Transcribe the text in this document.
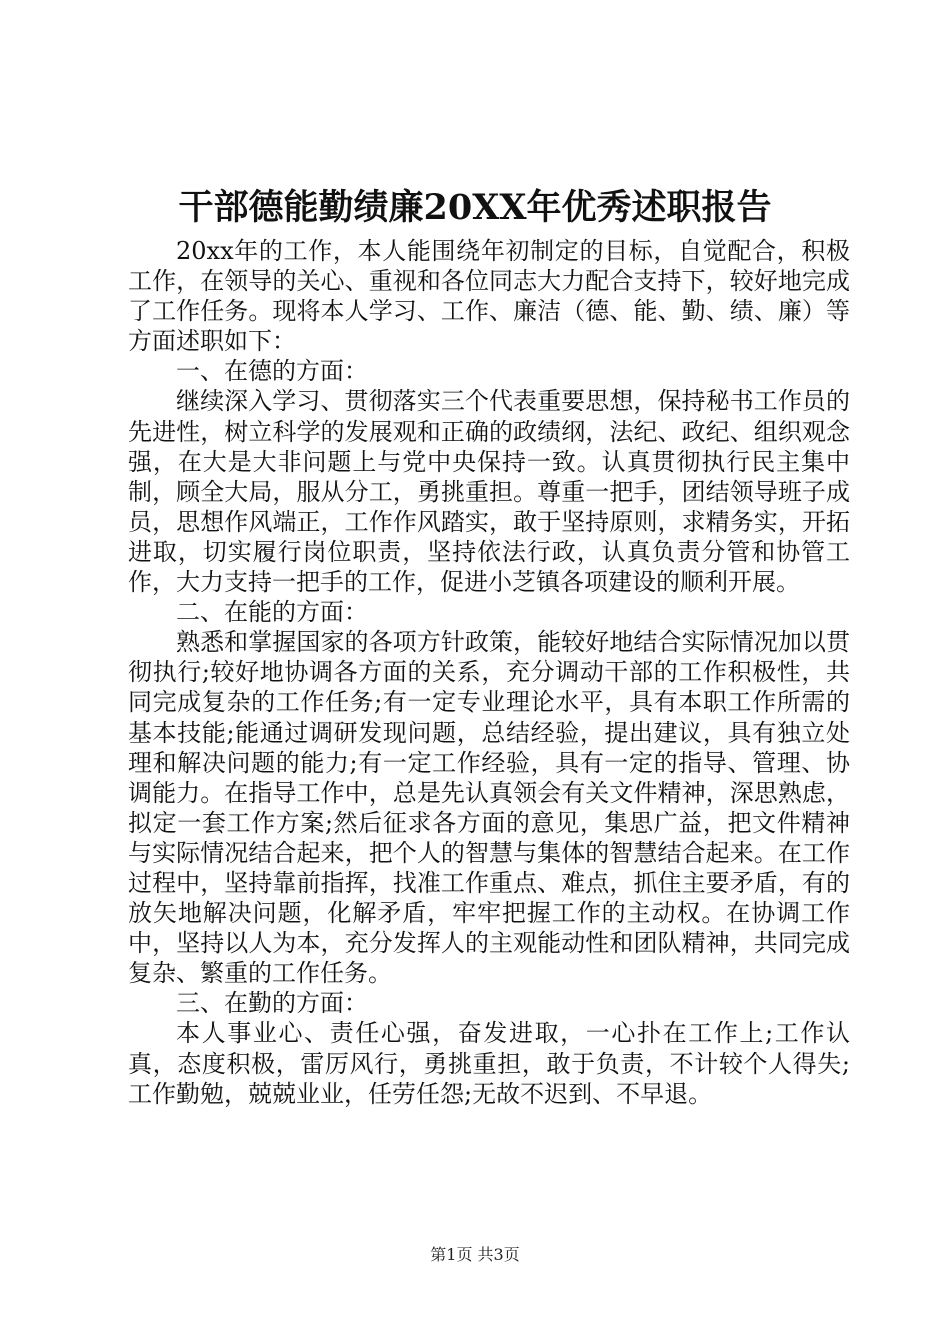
干部德能勤绩廉20XX年优秀述职报告

20xx年的工作，本人能围绕年初制定的目标，自觉配合，积极工作，在领导的关心、重视和各位同志大力配合支持下，较好地完成了工作任务。现将本人学习、工作、廉洁（德、能、勤、绩、廉）等方面述职如下：

一、在德的方面：

继续深入学习、贯彻落实三个代表重要思想，保持秘书工作员的先进性，树立科学的发展观和正确的政绩纲，法纪、政纪、组织观念强，在大是大非问题上与党中央保持一致。认真贯彻执行民主集中制，顾全大局，服从分工，勇挑重担。尊重一把手，团结领导班子成员，思想作风端正，工作作风踏实，敢于坚持原则，求精务实，开拓进取，切实履行岗位职责，坚持依法行政，认真负责分管和协管工作，大力支持一把手的工作，促进小芝镇各项建设的顺利开展。

二、在能的方面：

熟悉和掌握国家的各项方针政策，能较好地结合实际情况加以贯彻执行;较好地协调各方面的关系，充分调动干部的工作积极性，共同完成复杂的工作任务;有一定专业理论水平，具有本职工作所需的基本技能;能通过调研发现问题，总结经验，提出建议，具有独立处理和解决问题的能力;有一定工作经验，具有一定的指导、管理、协调能力。在指导工作中，总是先认真领会有关文件精神，深思熟虑，拟定一套工作方案;然后征求各方面的意见，集思广益，把文件精神与实际情况结合起来，把个人的智慧与集体的智慧结合起来。在工作过程中，坚持靠前指挥，找准工作重点、难点，抓住主要矛盾，有的放矢地解决问题，化解矛盾，牢牢把握工作的主动权。在协调工作中，坚持以人为本，充分发挥人的主观能动性和团队精神，共同完成复杂、繁重的工作任务。

三、在勤的方面：

本人事业心、责任心强，奋发进取，一心扑在工作上;工作认真，态度积极，雷厉风行，勇挑重担，敢于负责，不计较个人得失;工作勤勉，兢兢业业，任劳任怨;无故不迟到、不早退。

第1页 共3页
